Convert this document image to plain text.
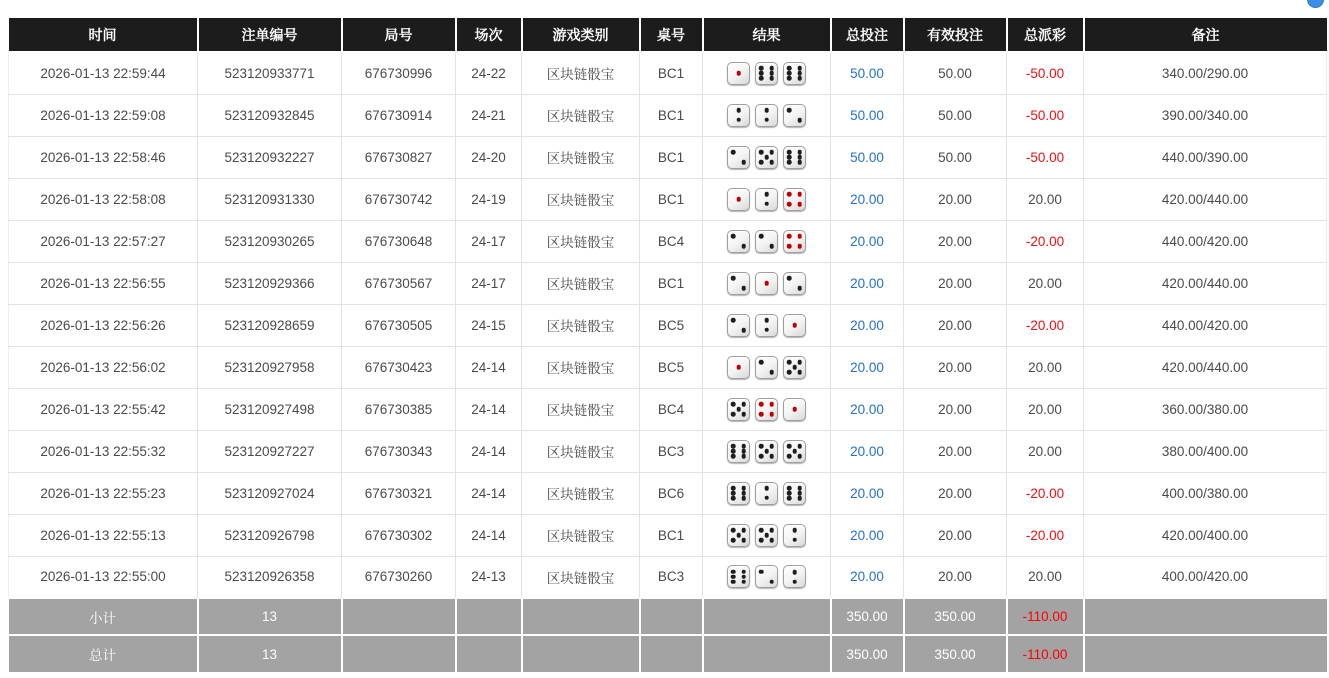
时间	注单编号	局号	场次	游戏类别	桌号	结果	总投注	有效投注	总派彩	备注
2026-01-13 22:59:44	523120933771	676730996	24-22	区块链骰宝	BC1		50.00	50.00	-50.00	340.00/290.00
2026-01-13 22:59:08	523120932845	676730914	24-21	区块链骰宝	BC1		50.00	50.00	-50.00	390.00/340.00
2026-01-13 22:58:46	523120932227	676730827	24-20	区块链骰宝	BC1		50.00	50.00	-50.00	440.00/390.00
2026-01-13 22:58:08	523120931330	676730742	24-19	区块链骰宝	BC1		20.00	20.00	20.00	420.00/440.00
2026-01-13 22:57:27	523120930265	676730648	24-17	区块链骰宝	BC4		20.00	20.00	-20.00	440.00/420.00
2026-01-13 22:56:55	523120929366	676730567	24-17	区块链骰宝	BC1		20.00	20.00	20.00	420.00/440.00
2026-01-13 22:56:26	523120928659	676730505	24-15	区块链骰宝	BC5		20.00	20.00	-20.00	440.00/420.00
2026-01-13 22:56:02	523120927958	676730423	24-14	区块链骰宝	BC5		20.00	20.00	20.00	420.00/440.00
2026-01-13 22:55:42	523120927498	676730385	24-14	区块链骰宝	BC4		20.00	20.00	20.00	360.00/380.00
2026-01-13 22:55:32	523120927227	676730343	24-14	区块链骰宝	BC3		20.00	20.00	20.00	380.00/400.00
2026-01-13 22:55:23	523120927024	676730321	24-14	区块链骰宝	BC6		20.00	20.00	-20.00	400.00/380.00
2026-01-13 22:55:13	523120926798	676730302	24-14	区块链骰宝	BC1		20.00	20.00	-20.00	420.00/400.00
2026-01-13 22:55:00	523120926358	676730260	24-13	区块链骰宝	BC3		20.00	20.00	20.00	400.00/420.00
小计	13						350.00	350.00	-110.00	
总计	13						350.00	350.00	-110.00	
